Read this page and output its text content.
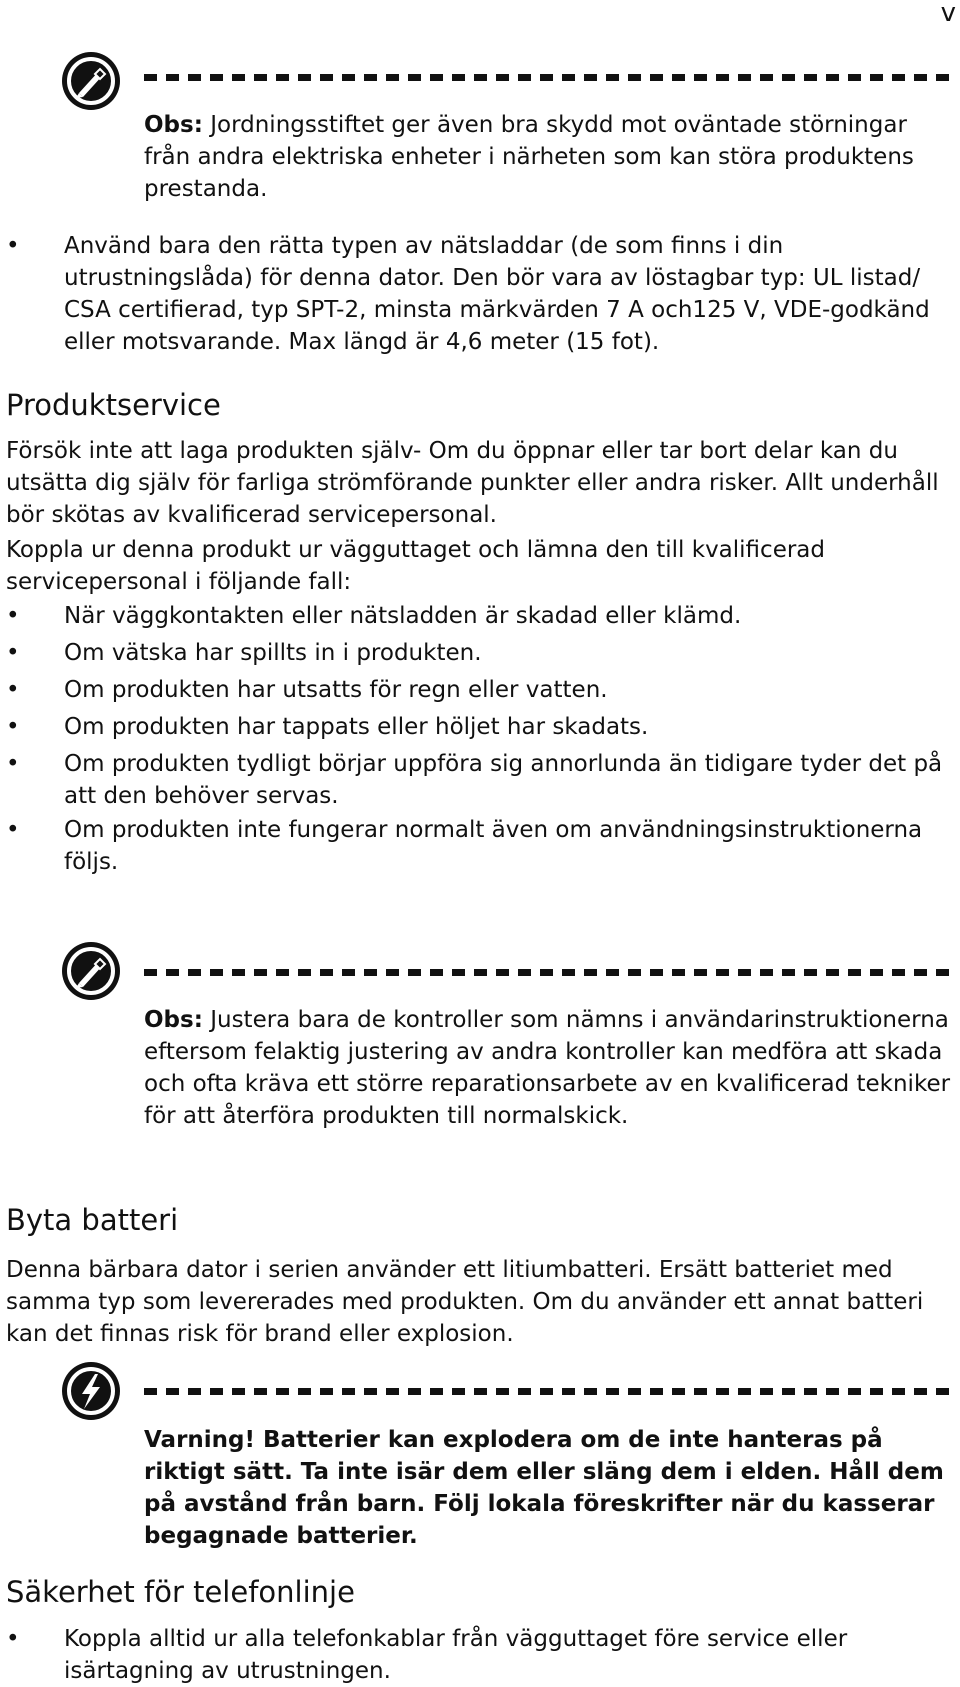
v
Obs: Jordningsstiftet ger även bra skydd mot oväntade störningar från andra elektriska enheter i närheten som kan störa produktens prestanda.
• Använd bara den rätta typen av nätsladdar (de som finns i din utrustningslåda) för denna dator. Den bör vara av löstagbar typ: UL listad/ CSA certifierad, typ SPT-2, minsta märkvärden 7 A och125 V, VDE-godkänd eller motsvarande. Max längd är 4,6 meter (15 fot).
Produktservice
Försök inte att laga produkten själv- Om du öppnar eller tar bort delar kan du utsätta dig själv för farliga strömförande punkter eller andra risker. Allt underhåll bör skötas av kvalificerad servicepersonal.
Koppla ur denna produkt ur vägguttaget och lämna den till kvalificerad servicepersonal i följande fall:
• När väggkontakten eller nätsladden är skadad eller klämd.
• Om vätska har spillts in i produkten.
• Om produkten har utsatts för regn eller vatten.
• Om produkten har tappats eller höljet har skadats.
• Om produkten tydligt börjar uppföra sig annorlunda än tidigare tyder det på att den behöver servas.
• Om produkten inte fungerar normalt även om användningsinstruktionerna följs.
Obs: Justera bara de kontroller som nämns i användarinstruktionerna eftersom felaktig justering av andra kontroller kan medföra att skada och ofta kräva ett större reparationsarbete av en kvalificerad tekniker för att återföra produkten till normalskick.
Byta batteri
Denna bärbara dator i serien använder ett litiumbatteri. Ersätt batteriet med samma typ som levererades med produkten. Om du använder ett annat batteri kan det finnas risk för brand eller explosion.
Varning! Batterier kan explodera om de inte hanteras på riktigt sätt. Ta inte isär dem eller släng dem i elden. Håll dem på avstånd från barn. Följ lokala föreskrifter när du kasserar begagnade batterier.
Säkerhet för telefonlinje
• Koppla alltid ur alla telefonkablar från vägguttaget före service eller isärtagning av utrustningen.
